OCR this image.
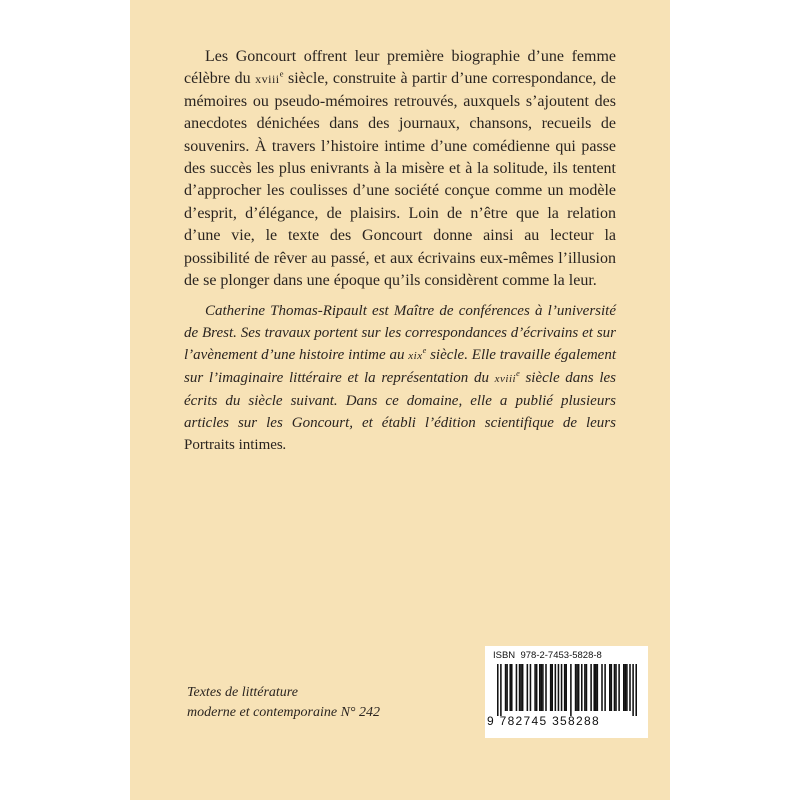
Les Goncourt offrent leur première biographie d’une femme célèbre du xviii$^e$ siècle, construite à partir d’une correspondance, de mémoires ou pseudo-mémoires retrouvés, auxquels s’ajoutent des anecdotes dénichées dans des journaux, chansons, recueils de souvenirs. À travers l’histoire intime d’une comédienne qui passe des succès les plus enivrants à la misère et à la solitude, ils tentent d’approcher les coulisses d’une société conçue comme un modèle d’esprit, d’élégance, de plaisirs. Loin de n’être que la relation d’une vie, le texte des Goncourt donne ainsi au lecteur la possibilité de rêver au passé, et aux écrivains eux-mêmes l’illusion de se plonger dans une époque qu’ils considèrent comme la leur.

Catherine Thomas-Ripault est Maître de conférences à l’université de Brest. Ses travaux portent sur les correspondances d’écrivains et sur l’avènement d’une histoire intime au xix$^e$ siècle. Elle travaille également sur l’imaginaire littéraire et la représentation du xviii$^e$ siècle dans les écrits du siècle suivant. Dans ce domaine, elle a publié plusieurs articles sur les Goncourt, et établi l’édition scientifique de leurs Portraits intimes.

Textes de littérature
moderne et contemporaine N° 242
ISBN 978-2-7453-5828-8
9 782745 358288
